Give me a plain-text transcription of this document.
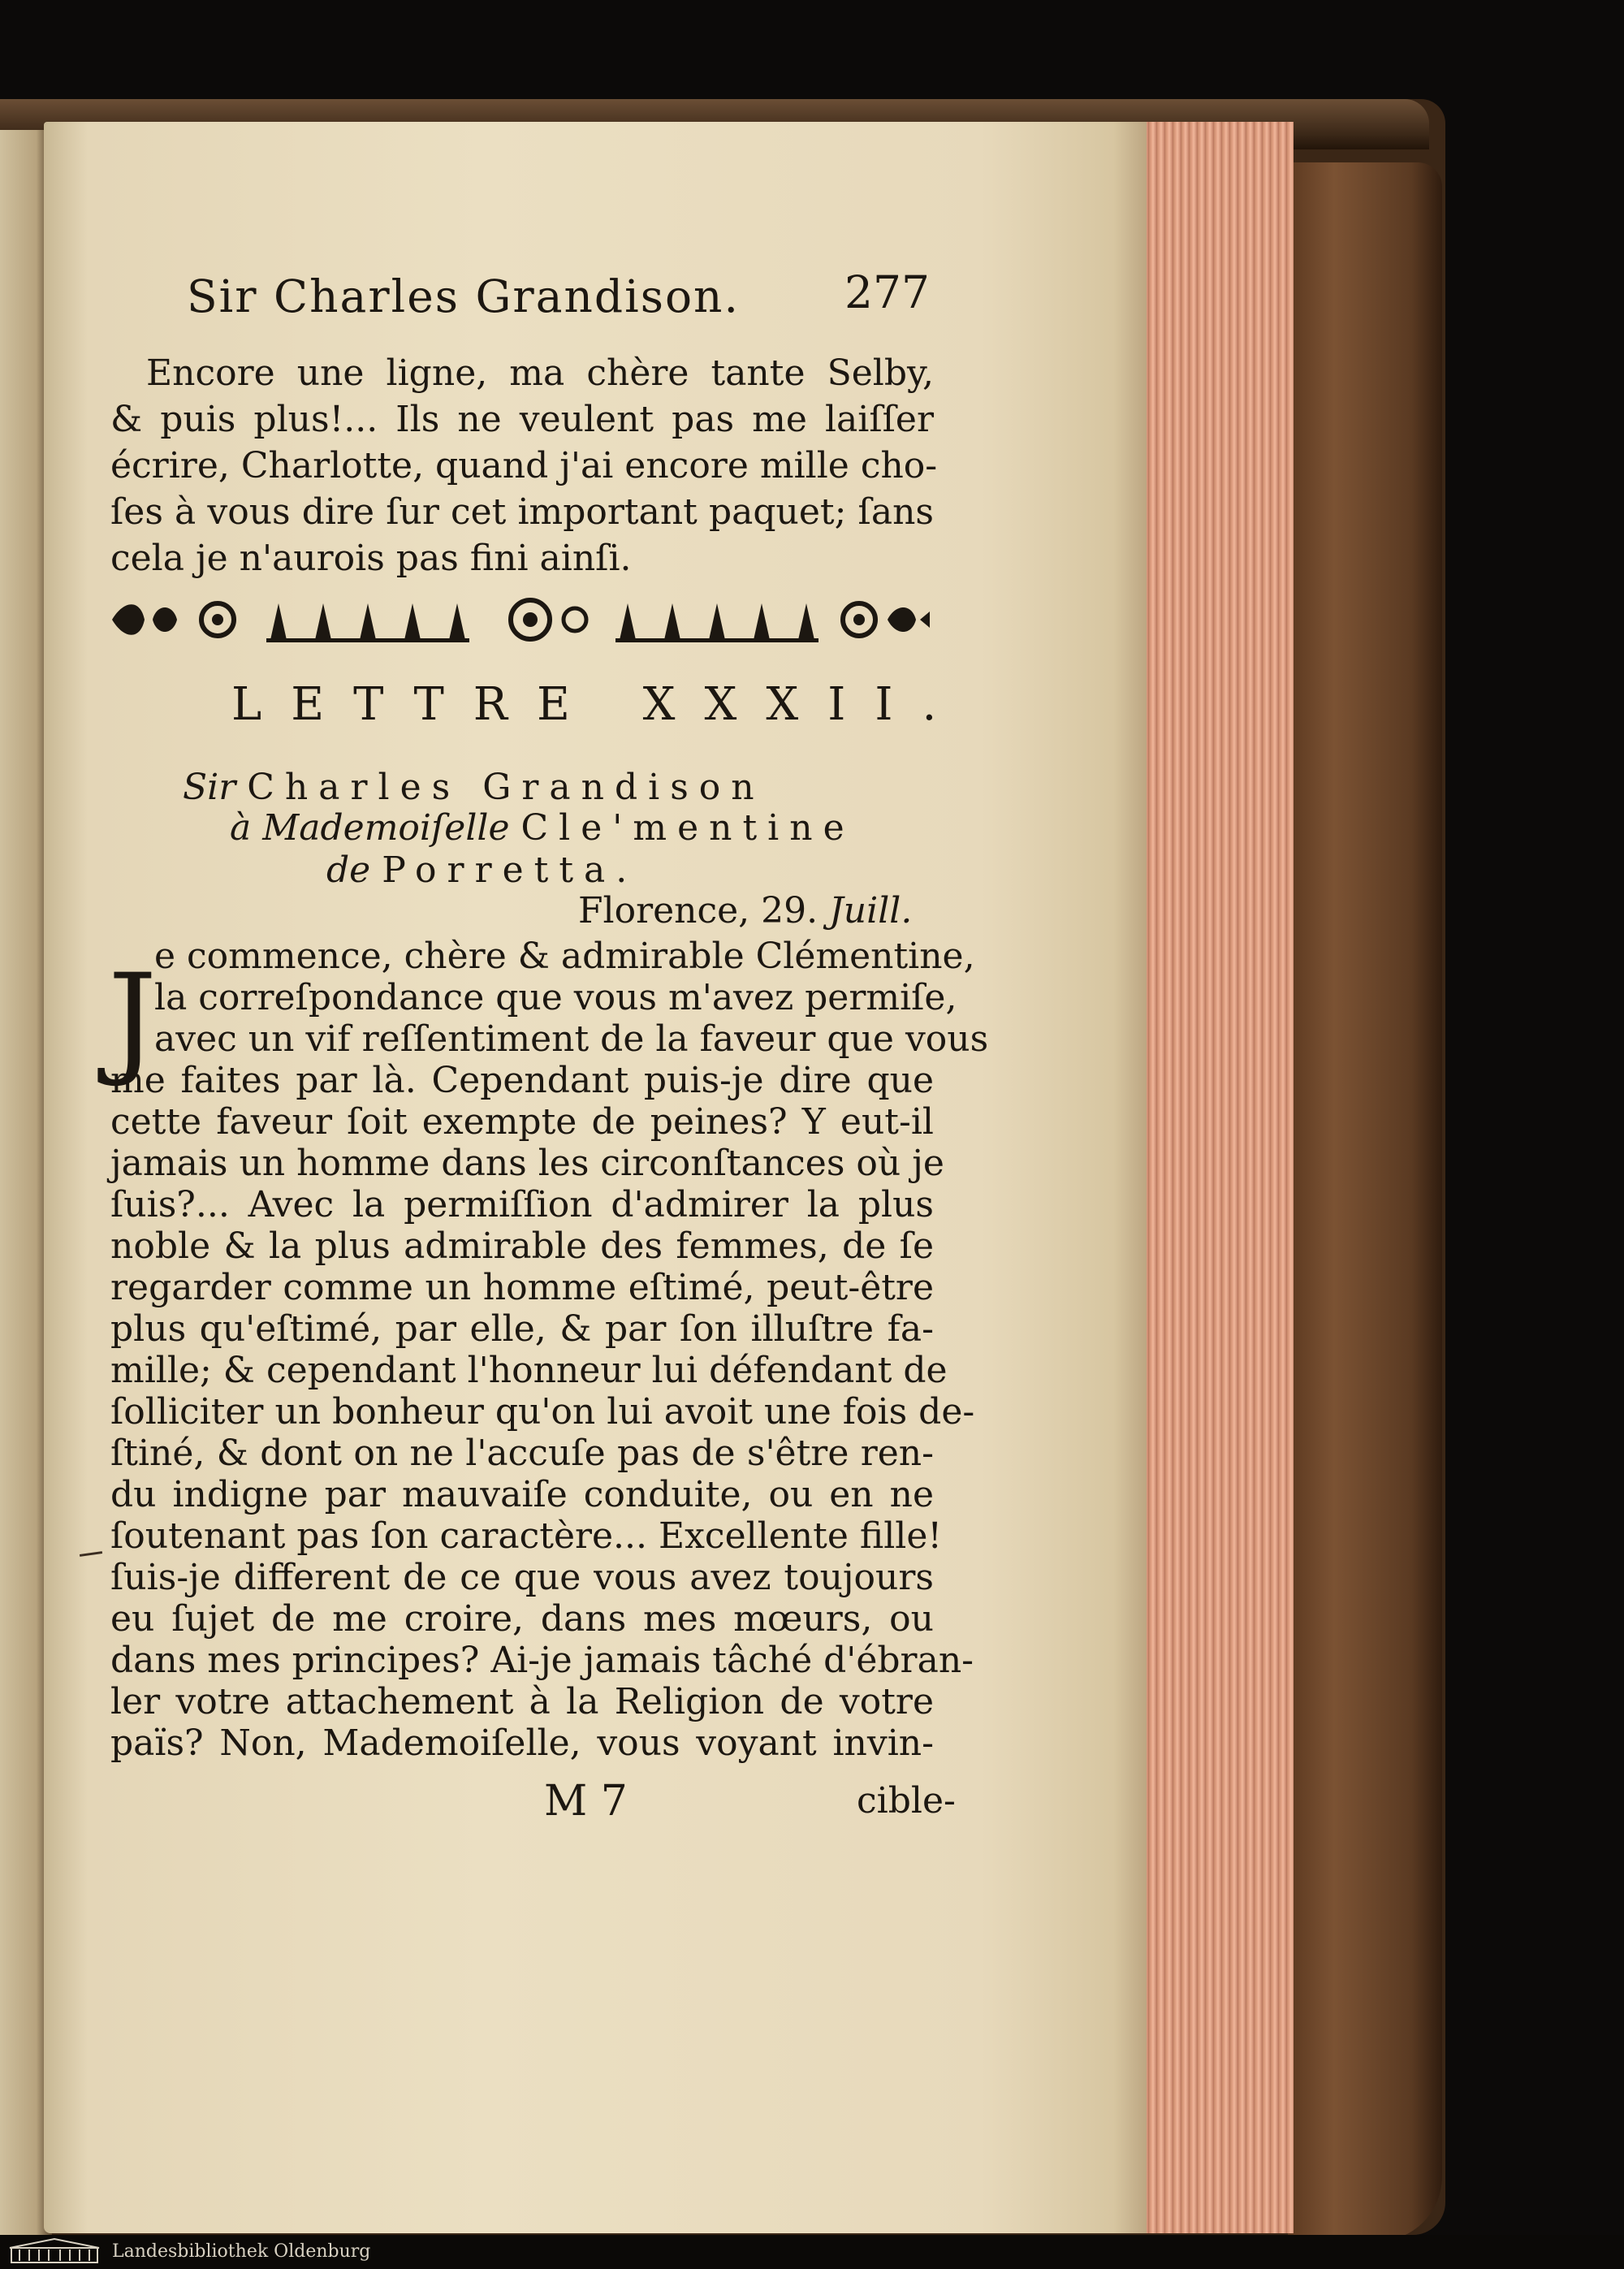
Sir Charles Grandison. 277
Encore une ligne, ma chère tante Selby,
& puis plus!... Ils ne veulent pas me laiſſer
écrire, Charlotte, quand j'ai encore mille cho-
ſes à vous dire ſur cet important paquet; ſans
cela je n'aurois pas fini ainſi.
LETTRE XXXII.
Sir Charles Grandison
à Mademoiſelle Cle'mentine
de Porretta.
Florence, 29. Juill.
J
e commence, chère & admirable Clémentine,
la correſpondance que vous m'avez permiſe,
avec un vif reſſentiment de la faveur que vous
me faites par là. Cependant puis-je dire que
cette faveur ſoit exempte de peines? Y eut-il
jamais un homme dans les circonſtances où je
ſuis?... Avec la permiſſion d'admirer la plus
noble & la plus admirable des femmes, de ſe
regarder comme un homme eſtimé, peut-être
plus qu'eſtimé, par elle, & par ſon illuſtre fa-
mille; & cependant l'honneur lui défendant de
ſolliciter un bonheur qu'on lui avoit une fois de-
ſtiné, & dont on ne l'accuſe pas de s'être ren-
du indigne par mauvaiſe conduite, ou en ne
ſoutenant pas ſon caractère... Excellente fille!
ſuis-je different de ce que vous avez toujours
eu ſujet de me croire, dans mes mœurs, ou
dans mes principes? Ai-je jamais tâché d'ébran-
ler votre attachement à la Religion de votre
païs? Non, Mademoiſelle, vous voyant invin-
M 7	cible-
Landesbibliothek Oldenburg
